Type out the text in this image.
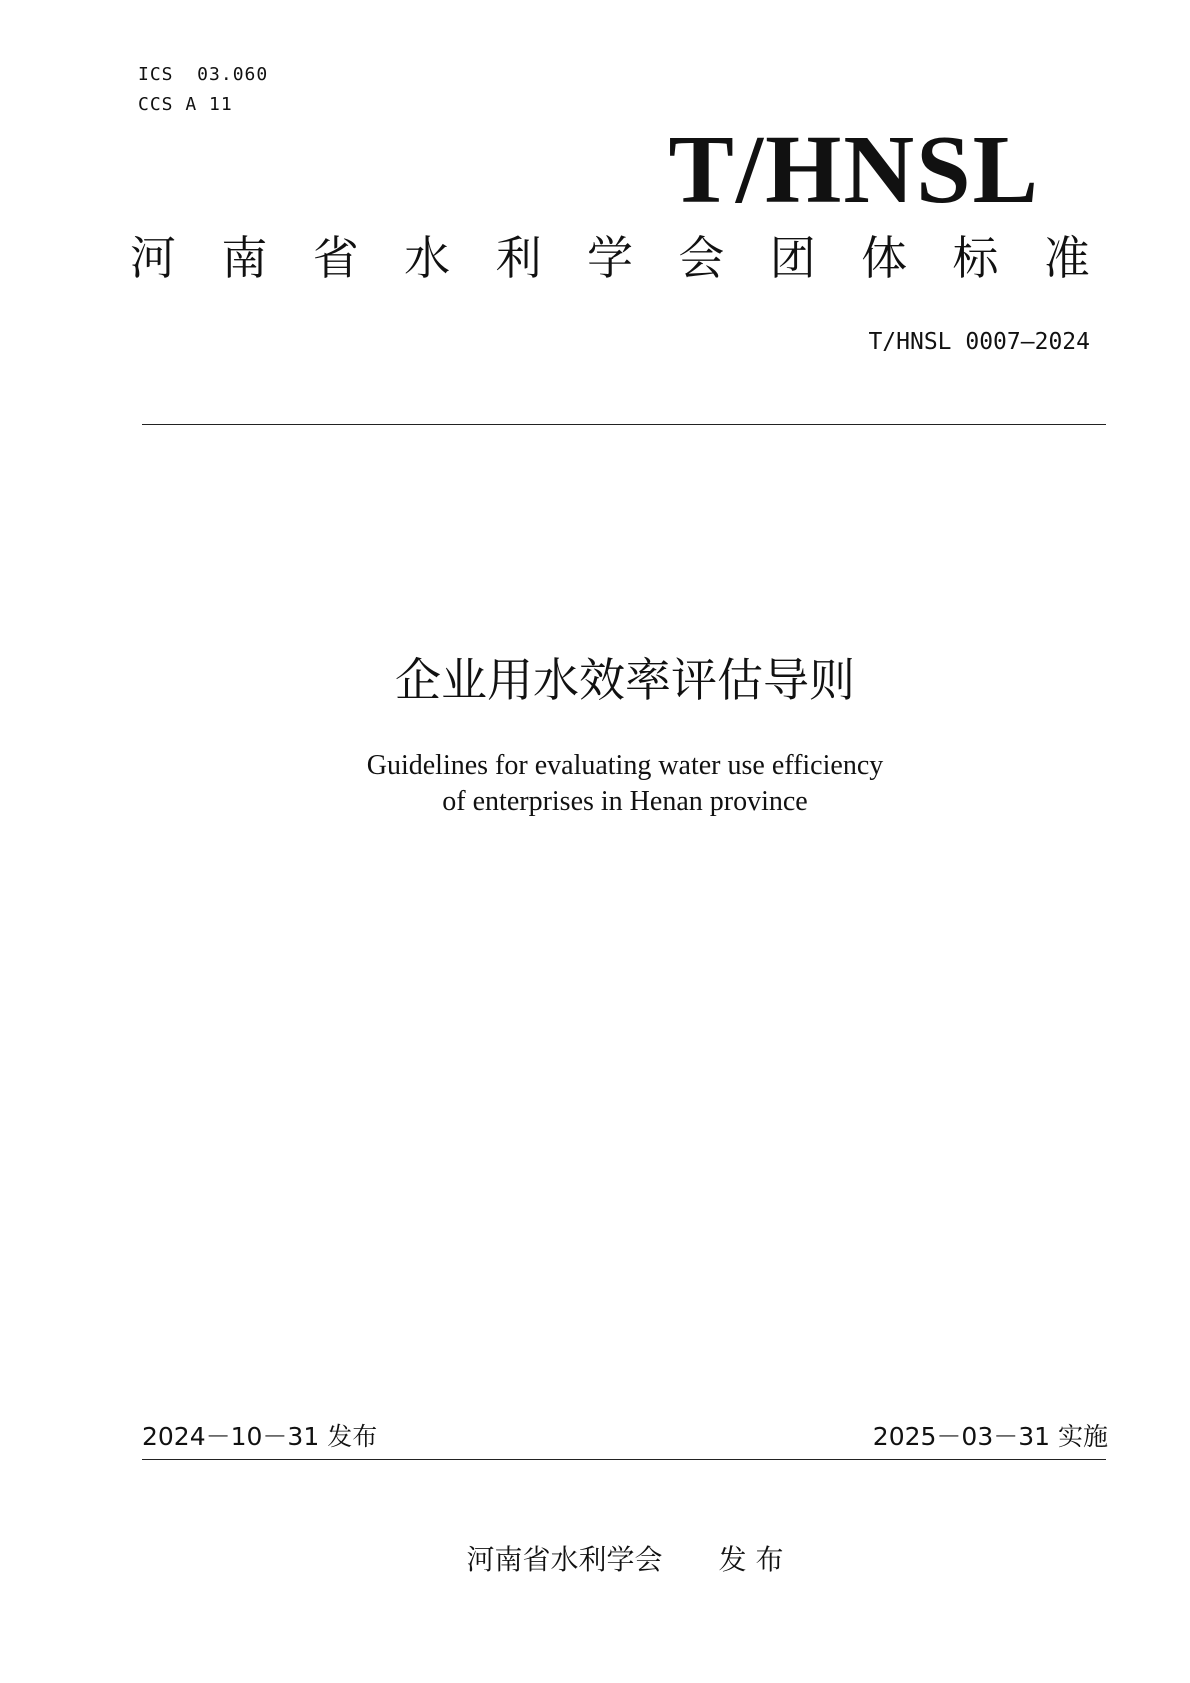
ICS  03.060
CCS A 11
T/HNSL
河 南 省 水 利 学 会 团 体 标 准
T/HNSL 0007—2024
企业用水效率评估导则
Guidelines for evaluating water use efficiency
of enterprises in Henan province
2024－10－31 发布	2025－03－31 实施
河南省水利学会 发 布
